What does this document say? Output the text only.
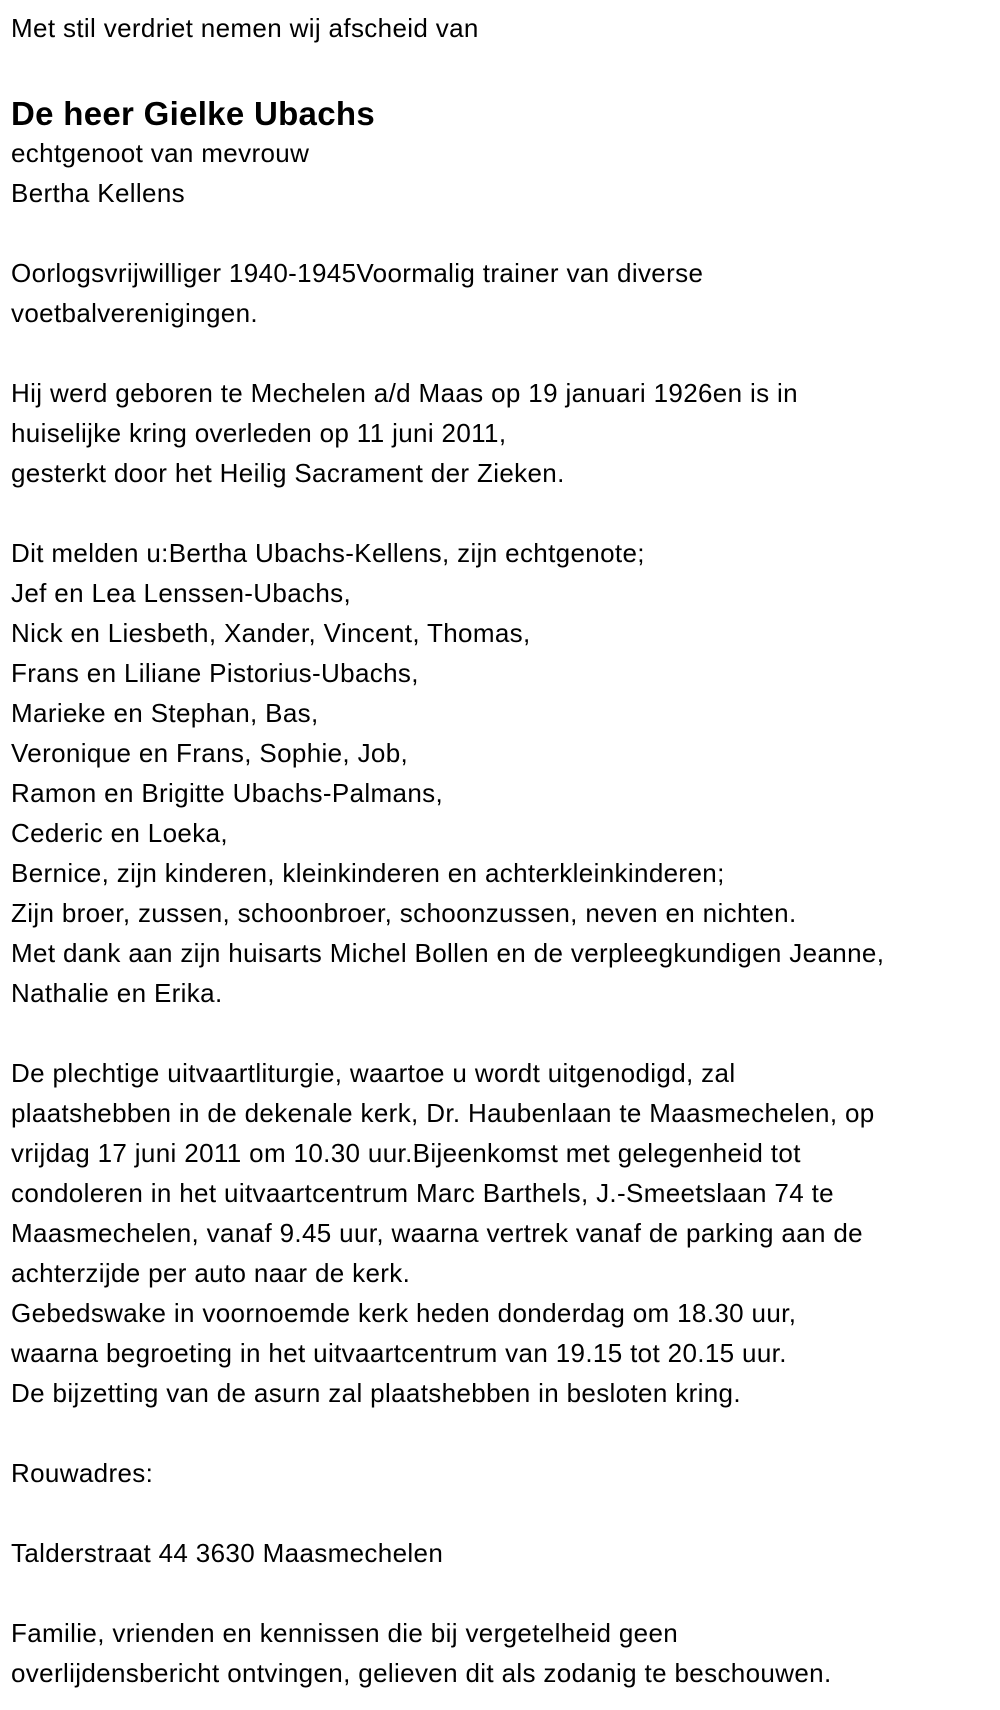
Met stil verdriet nemen wij afscheid van
De heer Gielke Ubachs
echtgenoot van mevrouw
Bertha Kellens
Oorlogsvrijwilliger 1940-1945Voormalig trainer van diverse
voetbalverenigingen.
Hij werd geboren te Mechelen a/d Maas op 19 januari 1926en is in
huiselijke kring overleden op 11 juni 2011,
gesterkt door het Heilig Sacrament der Zieken.
Dit melden u:Bertha Ubachs-Kellens, zijn echtgenote;
Jef en Lea Lenssen-Ubachs,
Nick en Liesbeth, Xander, Vincent, Thomas,
Frans en Liliane Pistorius-Ubachs,
Marieke en Stephan, Bas,
Veronique en Frans, Sophie, Job,
Ramon en Brigitte Ubachs-Palmans,
Cederic en Loeka,
Bernice, zijn kinderen, kleinkinderen en achterkleinkinderen;
Zijn broer, zussen, schoonbroer, schoonzussen, neven en nichten.
Met dank aan zijn huisarts Michel Bollen en de verpleegkundigen Jeanne,
Nathalie en Erika.
De plechtige uitvaartliturgie, waartoe u wordt uitgenodigd, zal
plaatshebben in de dekenale kerk, Dr. Haubenlaan te Maasmechelen, op
vrijdag 17 juni 2011 om 10.30 uur.Bijeenkomst met gelegenheid tot
condoleren in het uitvaartcentrum Marc Barthels, J.-Smeetslaan 74 te
Maasmechelen, vanaf 9.45 uur, waarna vertrek vanaf de parking aan de
achterzijde per auto naar de kerk.
Gebedswake in voornoemde kerk heden donderdag om 18.30 uur,
waarna begroeting in het uitvaartcentrum van 19.15 tot 20.15 uur.
De bijzetting van de asurn zal plaatshebben in besloten kring.
Rouwadres:
Talderstraat 44 3630 Maasmechelen
Familie, vrienden en kennissen die bij vergetelheid geen
overlijdensbericht ontvingen, gelieven dit als zodanig te beschouwen.
